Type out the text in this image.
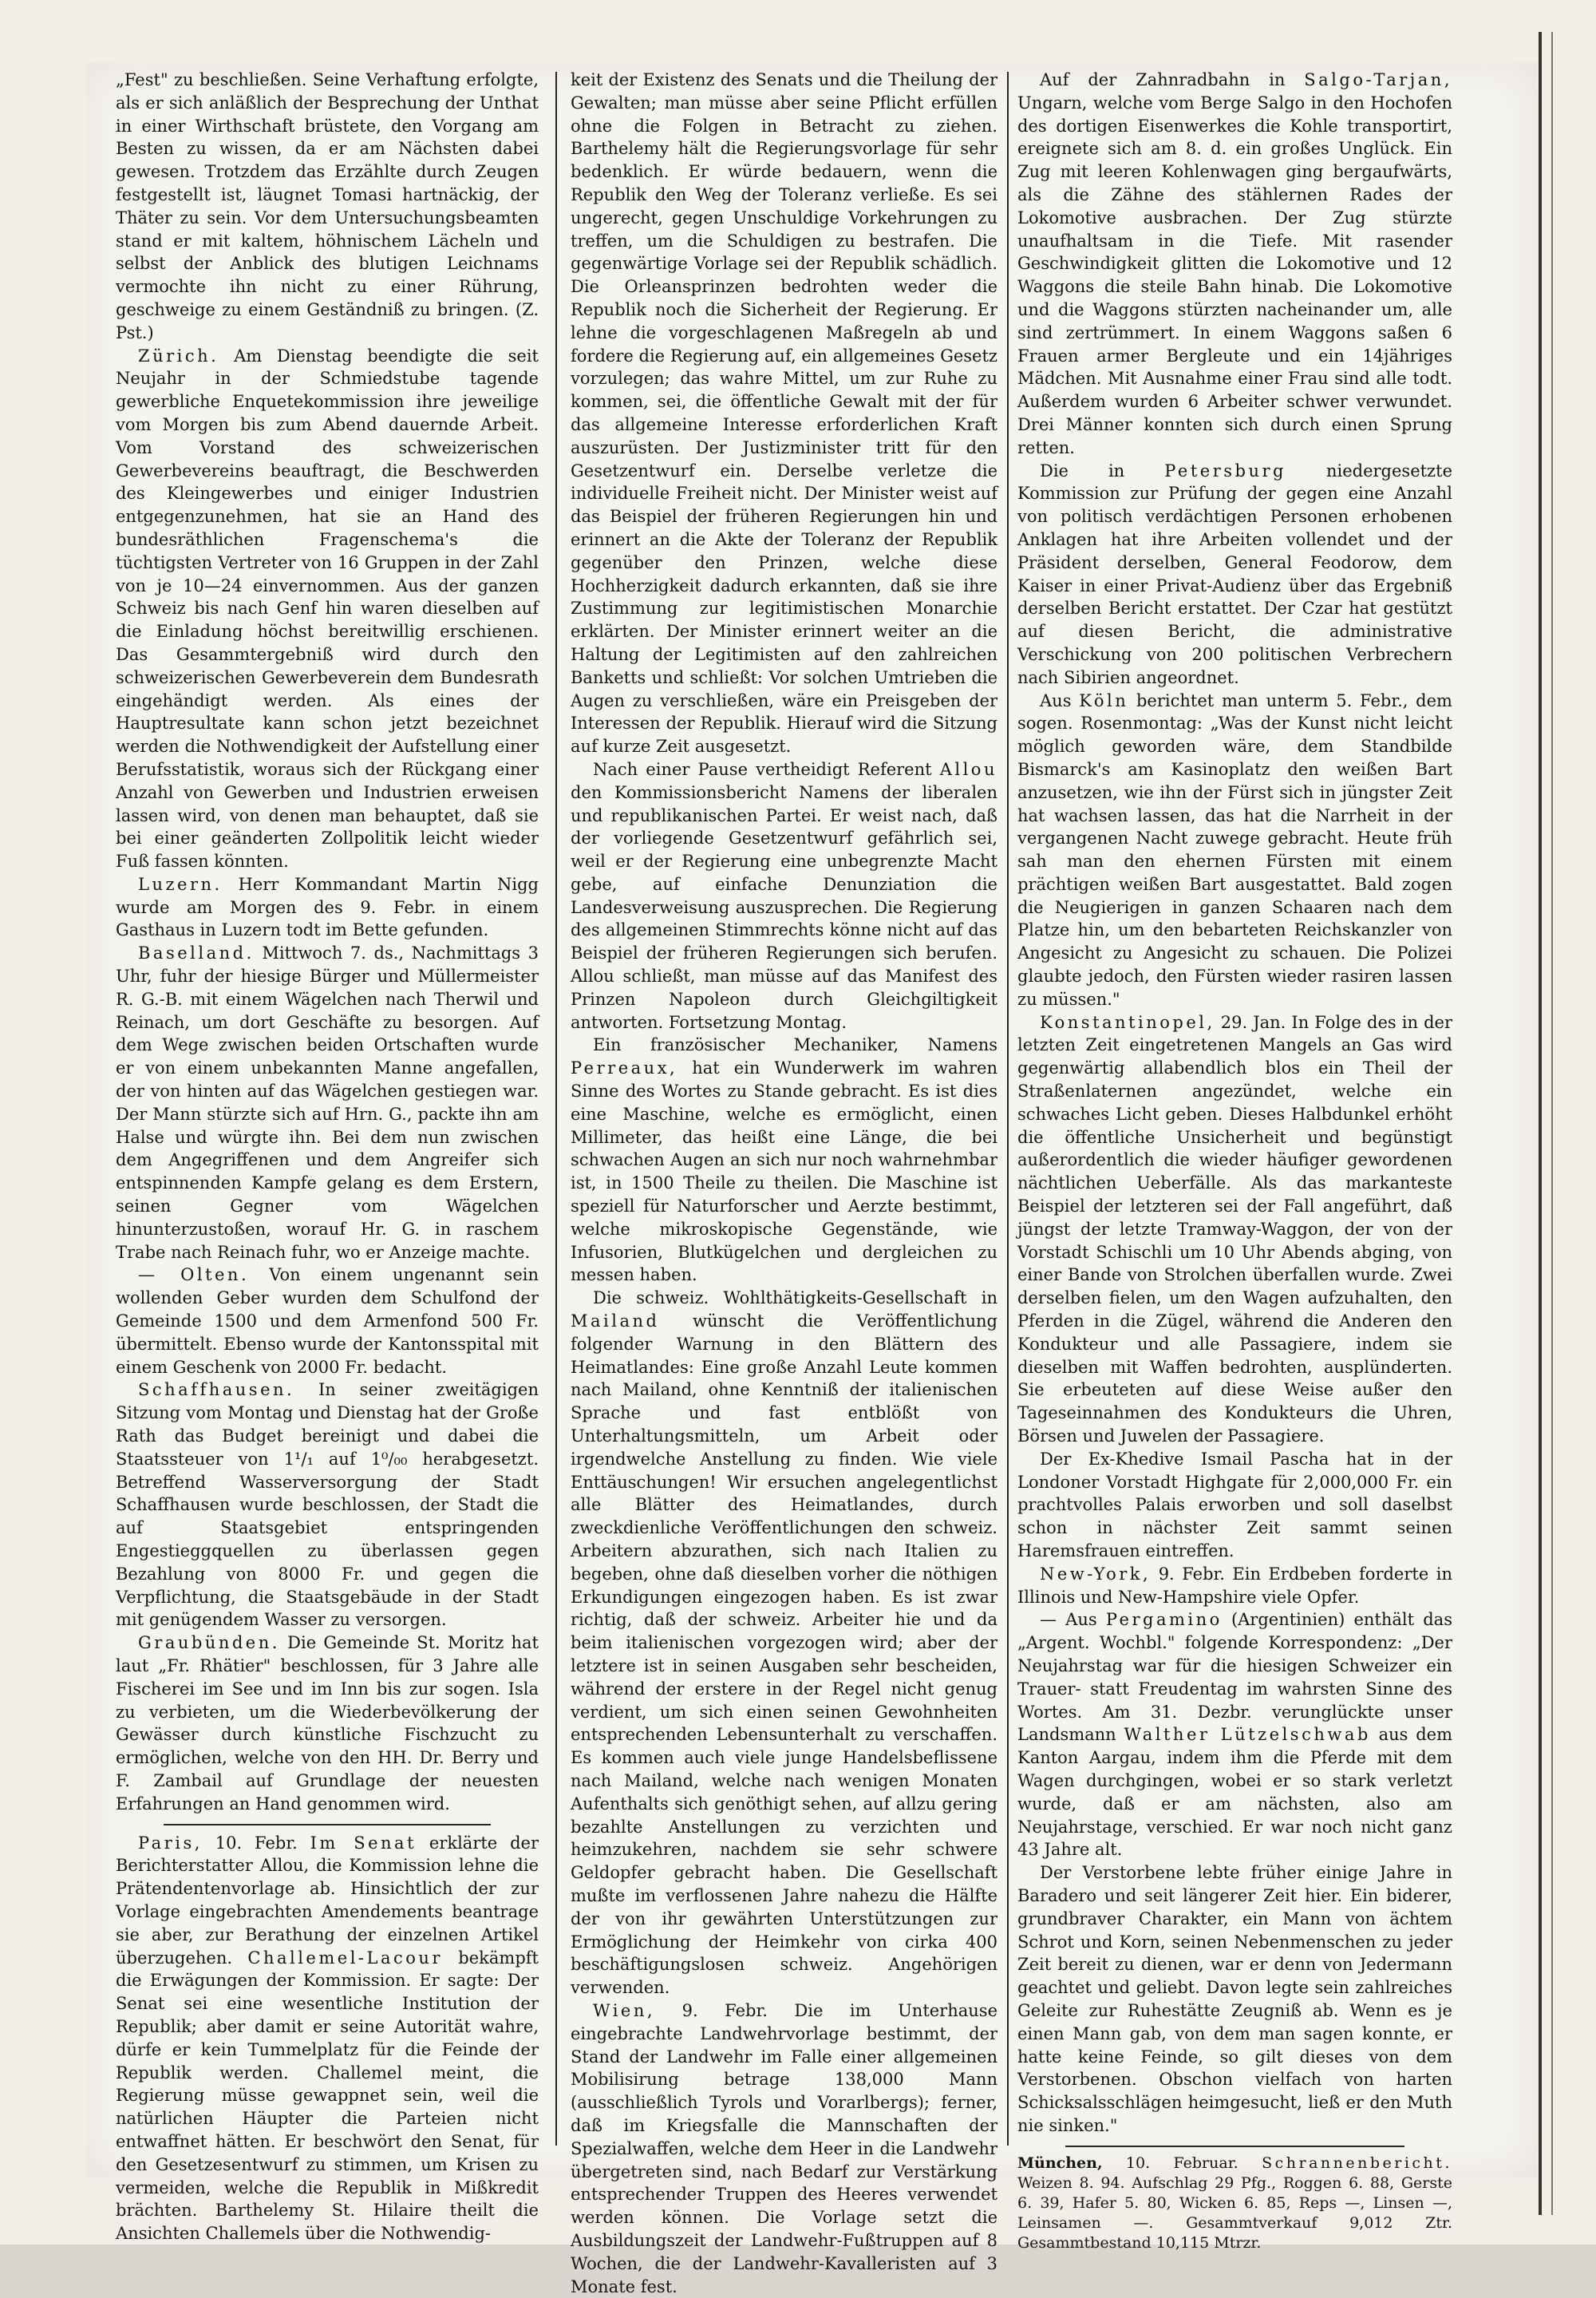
„Fest" zu beschließen. Seine Verhaftung erfolgte, als er sich anläßlich der Besprechung der Unthat in einer Wirthschaft brüstete, den Vorgang am Besten zu wissen, da er am Nächsten dabei gewesen. Trotzdem das Erzählte durch Zeugen festgestellt ist, läugnet Tomasi hartnäckig, der Thäter zu sein. Vor dem Untersuchungsbeamten stand er mit kaltem, höhnischem Lächeln und selbst der Anblick des blutigen Leichnams vermochte ihn nicht zu einer Rührung, geschweige zu einem Geständniß zu bringen. (Z. Pst.)

Zürich. Am Dienstag beendigte die seit Neujahr in der Schmiedstube tagende gewerbliche Enquetekommission ihre jeweilige vom Morgen bis zum Abend dauernde Arbeit. Vom Vorstand des schweizerischen Gewerbevereins beauftragt, die Beschwerden des Kleingewerbes und einiger Industrien entgegenzunehmen, hat sie an Hand des bundesräthlichen Fragenschema's die tüchtigsten Vertreter von 16 Gruppen in der Zahl von je 10—24 einvernommen. Aus der ganzen Schweiz bis nach Genf hin waren dieselben auf die Einladung höchst bereitwillig erschienen. Das Gesammtergebniß wird durch den schweizerischen Gewerbeverein dem Bundesrath eingehändigt werden. Als eines der Hauptresultate kann schon jetzt bezeichnet werden die Nothwendigkeit der Aufstellung einer Berufsstatistik, woraus sich der Rückgang einer Anzahl von Gewerben und Industrien erweisen lassen wird, von denen man behauptet, daß sie bei einer geänderten Zollpolitik leicht wieder Fuß fassen könnten.

Luzern. Herr Kommandant Martin Nigg wurde am Morgen des 9. Febr. in einem Gasthaus in Luzern todt im Bette gefunden.

Baselland. Mittwoch 7. ds., Nachmittags 3 Uhr, fuhr der hiesige Bürger und Müllermeister R. G.-B. mit einem Wägelchen nach Therwil und Reinach, um dort Geschäfte zu besorgen. Auf dem Wege zwischen beiden Ortschaften wurde er von einem unbekannten Manne angefallen, der von hinten auf das Wägelchen gestiegen war. Der Mann stürzte sich auf Hrn. G., packte ihn am Halse und würgte ihn. Bei dem nun zwischen dem Angegriffenen und dem Angreifer sich entspinnenden Kampfe gelang es dem Erstern, seinen Gegner vom Wägelchen hinunterzustoßen, worauf Hr. G. in raschem Trabe nach Reinach fuhr, wo er Anzeige machte.

— Olten. Von einem ungenannt sein wollenden Geber wurden dem Schulfond der Gemeinde 1500 und dem Armenfond 500 Fr. übermittelt. Ebenso wurde der Kantonsspital mit einem Geschenk von 2000 Fr. bedacht.

Schaffhausen. In seiner zweitägigen Sitzung vom Montag und Dienstag hat der Große Rath das Budget bereinigt und dabei die Staatssteuer von 1¹/₁ auf 1⁰/₀₀ herabgesetzt. Betreffend Wasserversorgung der Stadt Schaffhausen wurde beschlossen, der Stadt die auf Staatsgebiet entspringenden Engestieggquellen zu überlassen gegen Bezahlung von 8000 Fr. und gegen die Verpflichtung, die Staatsgebäude in der Stadt mit genügendem Wasser zu versorgen.

Graubünden. Die Gemeinde St. Moritz hat laut „Fr. Rhätier" beschlossen, für 3 Jahre alle Fischerei im See und im Inn bis zur sogen. Isla zu verbieten, um die Wiederbevölkerung der Gewässer durch künstliche Fischzucht zu ermöglichen, welche von den HH. Dr. Berry und F. Zambail auf Grundlage der neuesten Erfahrungen an Hand genommen wird.

Paris, 10. Febr. Im Senat erklärte der Berichterstatter Allou, die Kommission lehne die Prätendentenvorlage ab. Hinsichtlich der zur Vorlage eingebrachten Amendements beantrage sie aber, zur Berathung der einzelnen Artikel überzugehen. Challemel-Lacour bekämpft die Erwägungen der Kommission. Er sagte: Der Senat sei eine wesentliche Institution der Republik; aber damit er seine Autorität wahre, dürfe er kein Tummelplatz für die Feinde der Republik werden. Challemel meint, die Regierung müsse gewappnet sein, weil die natürlichen Häupter die Parteien nicht entwaffnet hätten. Er beschwört den Senat, für den Gesetzesentwurf zu stimmen, um Krisen zu vermeiden, welche die Republik in Mißkredit brächten. Barthelemy St. Hilaire theilt die Ansichten Challemels über die Nothwendig-

keit der Existenz des Senats und die Theilung der Gewalten; man müsse aber seine Pflicht erfüllen ohne die Folgen in Betracht zu ziehen. Barthelemy hält die Regierungsvorlage für sehr bedenklich. Er würde bedauern, wenn die Republik den Weg der Toleranz verließe. Es sei ungerecht, gegen Unschuldige Vorkehrungen zu treffen, um die Schuldigen zu bestrafen. Die gegenwärtige Vorlage sei der Republik schädlich. Die Orleansprinzen bedrohten weder die Republik noch die Sicherheit der Regierung. Er lehne die vorgeschlagenen Maßregeln ab und fordere die Regierung auf, ein allgemeines Gesetz vorzulegen; das wahre Mittel, um zur Ruhe zu kommen, sei, die öffentliche Gewalt mit der für das allgemeine Interesse erforderlichen Kraft auszurüsten. Der Justizminister tritt für den Gesetzentwurf ein. Derselbe verletze die individuelle Freiheit nicht. Der Minister weist auf das Beispiel der früheren Regierungen hin und erinnert an die Akte der Toleranz der Republik gegenüber den Prinzen, welche diese Hochherzigkeit dadurch erkannten, daß sie ihre Zustimmung zur legitimistischen Monarchie erklärten. Der Minister erinnert weiter an die Haltung der Legitimisten auf den zahlreichen Banketts und schließt: Vor solchen Umtrieben die Augen zu verschließen, wäre ein Preisgeben der Interessen der Republik. Hierauf wird die Sitzung auf kurze Zeit ausgesetzt.

Nach einer Pause vertheidigt Referent Allou den Kommissionsbericht Namens der liberalen und republikanischen Partei. Er weist nach, daß der vorliegende Gesetzentwurf gefährlich sei, weil er der Regierung eine unbegrenzte Macht gebe, auf einfache Denunziation die Landesverweisung auszusprechen. Die Regierung des allgemeinen Stimmrechts könne nicht auf das Beispiel der früheren Regierungen sich berufen. Allou schließt, man müsse auf das Manifest des Prinzen Napoleon durch Gleichgiltigkeit antworten. Fortsetzung Montag.

Ein französischer Mechaniker, Namens Perreaux, hat ein Wunderwerk im wahren Sinne des Wortes zu Stande gebracht. Es ist dies eine Maschine, welche es ermöglicht, einen Millimeter, das heißt eine Länge, die bei schwachen Augen an sich nur noch wahrnehmbar ist, in 1500 Theile zu theilen. Die Maschine ist speziell für Naturforscher und Aerzte bestimmt, welche mikroskopische Gegenstände, wie Infusorien, Blutkügelchen und dergleichen zu messen haben.

Die schweiz. Wohlthätigkeits-Gesellschaft in Mailand wünscht die Veröffentlichung folgender Warnung in den Blättern des Heimatlandes: Eine große Anzahl Leute kommen nach Mailand, ohne Kenntniß der italienischen Sprache und fast entblößt von Unterhaltungsmitteln, um Arbeit oder irgendwelche Anstellung zu finden. Wie viele Enttäuschungen! Wir ersuchen angelegentlichst alle Blätter des Heimatlandes, durch zweckdienliche Veröffentlichungen den schweiz. Arbeitern abzurathen, sich nach Italien zu begeben, ohne daß dieselben vorher die nöthigen Erkundigungen eingezogen haben. Es ist zwar richtig, daß der schweiz. Arbeiter hie und da beim italienischen vorgezogen wird; aber der letztere ist in seinen Ausgaben sehr bescheiden, während der erstere in der Regel nicht genug verdient, um sich einen seinen Gewohnheiten entsprechenden Lebensunterhalt zu verschaffen. Es kommen auch viele junge Handelsbeflissene nach Mailand, welche nach wenigen Monaten Aufenthalts sich genöthigt sehen, auf allzu gering bezahlte Anstellungen zu verzichten und heimzukehren, nachdem sie sehr schwere Geldopfer gebracht haben. Die Gesellschaft mußte im verflossenen Jahre nahezu die Hälfte der von ihr gewährten Unterstützungen zur Ermöglichung der Heimkehr von cirka 400 beschäftigungslosen schweiz. Angehörigen verwenden.

Wien, 9. Febr. Die im Unterhause eingebrachte Landwehrvorlage bestimmt, der Stand der Landwehr im Falle einer allgemeinen Mobilisirung betrage 138,000 Mann (ausschließlich Tyrols und Vorarlbergs); ferner, daß im Kriegsfalle die Mannschaften der Spezialwaffen, welche dem Heer in die Landwehr übergetreten sind, nach Bedarf zur Verstärkung entsprechender Truppen des Heeres verwendet werden können. Die Vorlage setzt die Ausbildungszeit der Landwehr-Fußtruppen auf 8 Wochen, die der Landwehr-Kavalleristen auf 3 Monate fest.

Auf der Zahnradbahn in Salgo-Tarjan, Ungarn, welche vom Berge Salgo in den Hochofen des dortigen Eisenwerkes die Kohle transportirt, ereignete sich am 8. d. ein großes Unglück. Ein Zug mit leeren Kohlenwagen ging bergaufwärts, als die Zähne des stählernen Rades der Lokomotive ausbrachen. Der Zug stürzte unaufhaltsam in die Tiefe. Mit rasender Geschwindigkeit glitten die Lokomotive und 12 Waggons die steile Bahn hinab. Die Lokomotive und die Waggons stürzten nacheinander um, alle sind zertrümmert. In einem Waggons saßen 6 Frauen armer Bergleute und ein 14jähriges Mädchen. Mit Ausnahme einer Frau sind alle todt. Außerdem wurden 6 Arbeiter schwer verwundet. Drei Männer konnten sich durch einen Sprung retten.

Die in Petersburg niedergesetzte Kommission zur Prüfung der gegen eine Anzahl von politisch verdächtigen Personen erhobenen Anklagen hat ihre Arbeiten vollendet und der Präsident derselben, General Feodorow, dem Kaiser in einer Privat-Audienz über das Ergebniß derselben Bericht erstattet. Der Czar hat gestützt auf diesen Bericht, die administrative Verschickung von 200 politischen Verbrechern nach Sibirien angeordnet.

Aus Köln berichtet man unterm 5. Febr., dem sogen. Rosenmontag: „Was der Kunst nicht leicht möglich geworden wäre, dem Standbilde Bismarck's am Kasinoplatz den weißen Bart anzusetzen, wie ihn der Fürst sich in jüngster Zeit hat wachsen lassen, das hat die Narrheit in der vergangenen Nacht zuwege gebracht. Heute früh sah man den ehernen Fürsten mit einem prächtigen weißen Bart ausgestattet. Bald zogen die Neugierigen in ganzen Schaaren nach dem Platze hin, um den bebarteten Reichskanzler von Angesicht zu Angesicht zu schauen. Die Polizei glaubte jedoch, den Fürsten wieder rasiren lassen zu müssen."

Konstantinopel, 29. Jan. In Folge des in der letzten Zeit eingetretenen Mangels an Gas wird gegenwärtig allabendlich blos ein Theil der Straßenlaternen angezündet, welche ein schwaches Licht geben. Dieses Halbdunkel erhöht die öffentliche Unsicherheit und begünstigt außerordentlich die wieder häufiger gewordenen nächtlichen Ueberfälle. Als das markanteste Beispiel der letzteren sei der Fall angeführt, daß jüngst der letzte Tramway-Waggon, der von der Vorstadt Schischli um 10 Uhr Abends abging, von einer Bande von Strolchen überfallen wurde. Zwei derselben fielen, um den Wagen aufzuhalten, den Pferden in die Zügel, während die Anderen den Kondukteur und alle Passagiere, indem sie dieselben mit Waffen bedrohten, ausplünderten. Sie erbeuteten auf diese Weise außer den Tageseinnahmen des Kondukteurs die Uhren, Börsen und Juwelen der Passagiere.

Der Ex-Khedive Ismail Pascha hat in der Londoner Vorstadt Highgate für 2,000,000 Fr. ein prachtvolles Palais erworben und soll daselbst schon in nächster Zeit sammt seinen Haremsfrauen eintreffen.

New-York, 9. Febr. Ein Erdbeben forderte in Illinois und New-Hampshire viele Opfer.

— Aus Pergamino (Argentinien) enthält das „Argent. Wochbl." folgende Korrespondenz: „Der Neujahrstag war für die hiesigen Schweizer ein Trauer- statt Freudentag im wahrsten Sinne des Wortes. Am 31. Dezbr. verunglückte unser Landsmann Walther Lützelschwab aus dem Kanton Aargau, indem ihm die Pferde mit dem Wagen durchgingen, wobei er so stark verletzt wurde, daß er am nächsten, also am Neujahrstage, verschied. Er war noch nicht ganz 43 Jahre alt.

Der Verstorbene lebte früher einige Jahre in Baradero und seit längerer Zeit hier. Ein biderer, grundbraver Charakter, ein Mann von ächtem Schrot und Korn, seinen Nebenmenschen zu jeder Zeit bereit zu dienen, war er denn von Jedermann geachtet und geliebt. Davon legte sein zahlreiches Geleite zur Ruhestätte Zeugniß ab. Wenn es je einen Mann gab, von dem man sagen konnte, er hatte keine Feinde, so gilt dieses von dem Verstorbenen. Obschon vielfach von harten Schicksalsschlägen heimgesucht, ließ er den Muth nie sinken."

München, 10. Februar. Schrannenbericht. Weizen 8. 94. Aufschlag 29 Pfg., Roggen 6. 88, Gerste 6. 39, Hafer 5. 80, Wicken 6. 85, Reps —, Linsen —, Leinsamen —. Gesammtverkauf 9,012 Ztr. Gesammtbestand 10,115 Mtrzr.
